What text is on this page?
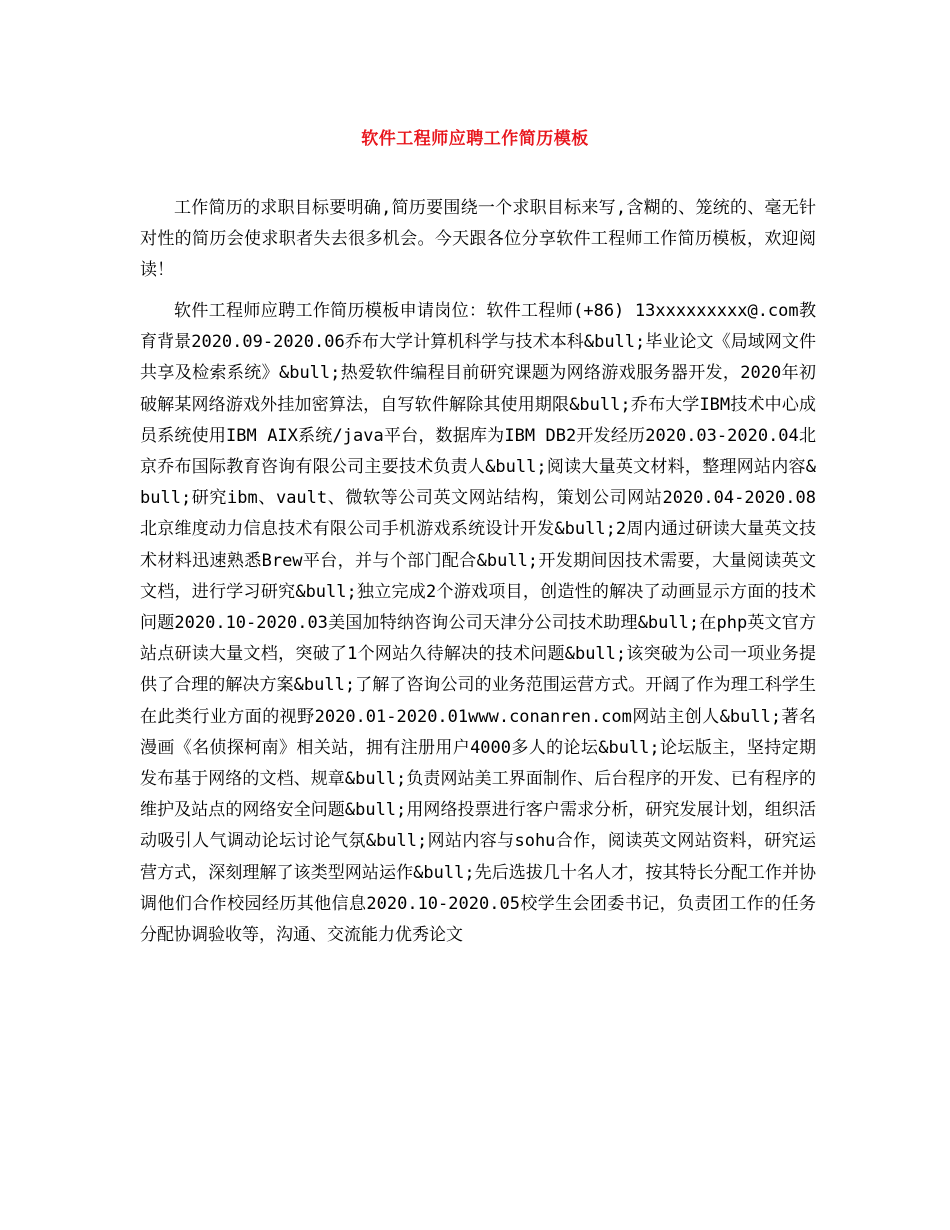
软件工程师应聘工作简历模板

工作简历的求职目标要明确,简历要围绕一个求职目标来写,含糊的、笼统的、毫无针对性的简历会使求职者失去很多机会。今天跟各位分享软件工程师工作简历模板，欢迎阅读！

软件工程师应聘工作简历模板申请岗位：软件工程师(+86) 13xxxxxxxxx@.com教育背景2020.09-2020.06乔布大学计算机科学与技术本科&bull;毕业论文《局域网文件共享及检索系统》&bull;热爱软件编程目前研究课题为网络游戏服务器开发，2020年初破解某网络游戏外挂加密算法，自写软件解除其使用期限&bull;乔布大学IBM技术中心成员系统使用IBM AIX系统/java平台，数据库为IBM DB2开发经历2020.03-2020.04北京乔布国际教育咨询有限公司主要技术负责人&bull;阅读大量英文材料，整理网站内容&bull;研究ibm、vault、微软等公司英文网站结构，策划公司网站2020.04-2020.08北京维度动力信息技术有限公司手机游戏系统设计开发&bull;2周内通过研读大量英文技术材料迅速熟悉Brew平台，并与个部门配合&bull;开发期间因技术需要，大量阅读英文文档，进行学习研究&bull;独立完成2个游戏项目，创造性的解决了动画显示方面的技术问题2020.10-2020.03美国加特纳咨询公司天津分公司技术助理&bull;在php英文官方站点研读大量文档，突破了1个网站久待解决的技术问题&bull;该突破为公司一项业务提供了合理的解决方案&bull;了解了咨询公司的业务范围运营方式。开阔了作为理工科学生在此类行业方面的视野2020.01-2020.01www.conanren.com网站主创人&bull;著名漫画《名侦探柯南》相关站，拥有注册用户4000多人的论坛&bull;论坛版主，坚持定期发布基于网络的文档、规章&bull;负责网站美工界面制作、后台程序的开发、已有程序的维护及站点的网络安全问题&bull;用网络投票进行客户需求分析，研究发展计划，组织活动吸引人气调动论坛讨论气氛&bull;网站内容与sohu合作，阅读英文网站资料，研究运营方式，深刻理解了该类型网站运作&bull;先后选拔几十名人才，按其特长分配工作并协调他们合作校园经历其他信息2020.10-2020.05校学生会团委书记，负责团工作的任务分配协调验收等，沟通、交流能力优秀论文
